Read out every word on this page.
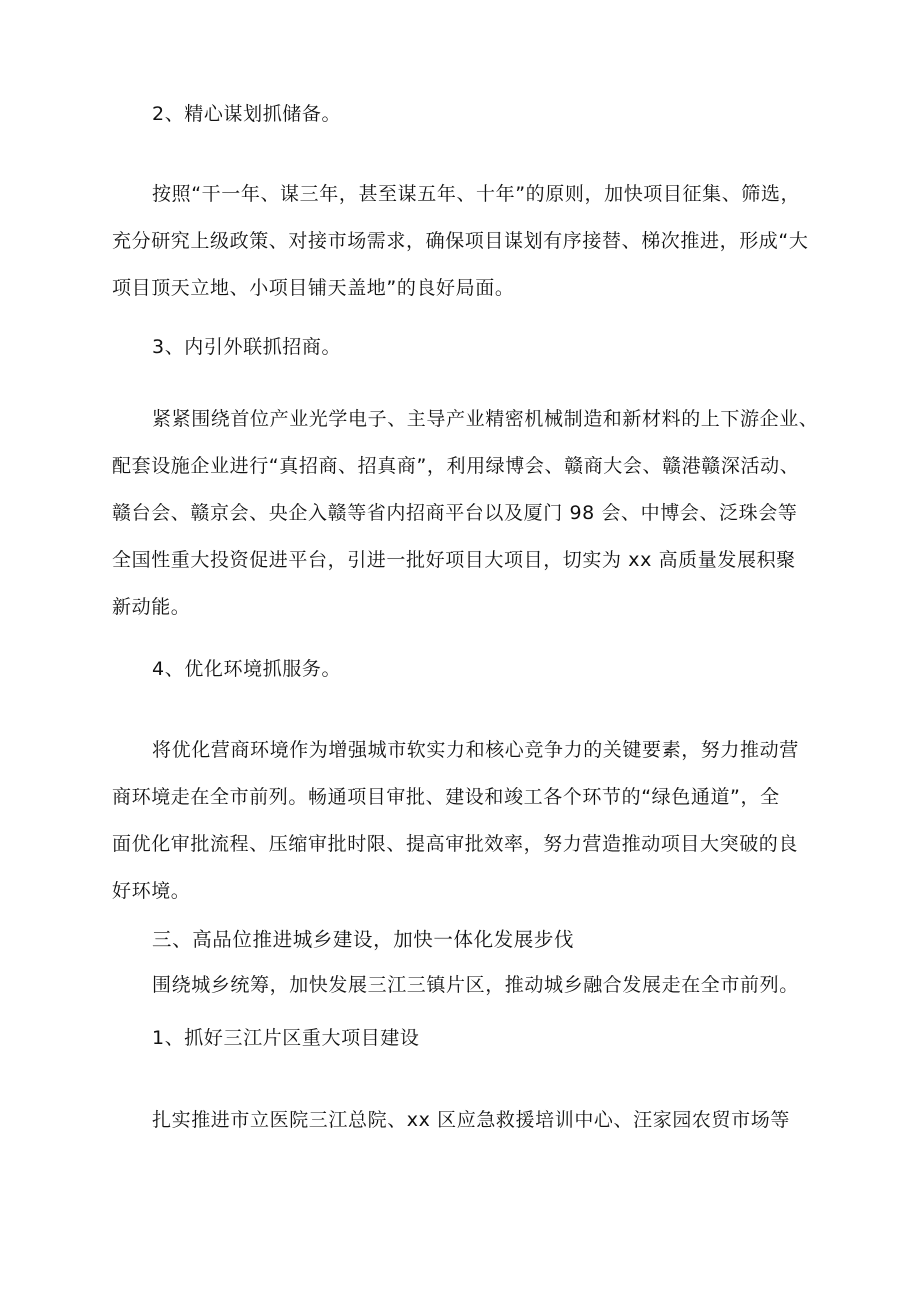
2、精心谋划抓储备。
按照“干一年、谋三年，甚至谋五年、十年”的原则，加快项目征集、筛选，
充分研究上级政策、对接市场需求，确保项目谋划有序接替、梯次推进，形成“大
项目顶天立地、小项目铺天盖地”的良好局面。
3、内引外联抓招商。
紧紧围绕首位产业光学电子、主导产业精密机械制造和新材料的上下游企业、
配套设施企业进行“真招商、招真商”，利用绿博会、赣商大会、赣港赣深活动、
赣台会、赣京会、央企入赣等省内招商平台以及厦门 98 会、中博会、泛珠会等
全国性重大投资促进平台，引进一批好项目大项目，切实为 xx 高质量发展积聚
新动能。
4、优化环境抓服务。
将优化营商环境作为增强城市软实力和核心竞争力的关键要素，努力推动营
商环境走在全市前列。畅通项目审批、建设和竣工各个环节的“绿色通道”，全
面优化审批流程、压缩审批时限、提高审批效率，努力营造推动项目大突破的良
好环境。
三、高品位推进城乡建设，加快一体化发展步伐
围绕城乡统筹，加快发展三江三镇片区，推动城乡融合发展走在全市前列。
1、抓好三江片区重大项目建设
扎实推进市立医院三江总院、xx 区应急救援培训中心、汪家园农贸市场等
